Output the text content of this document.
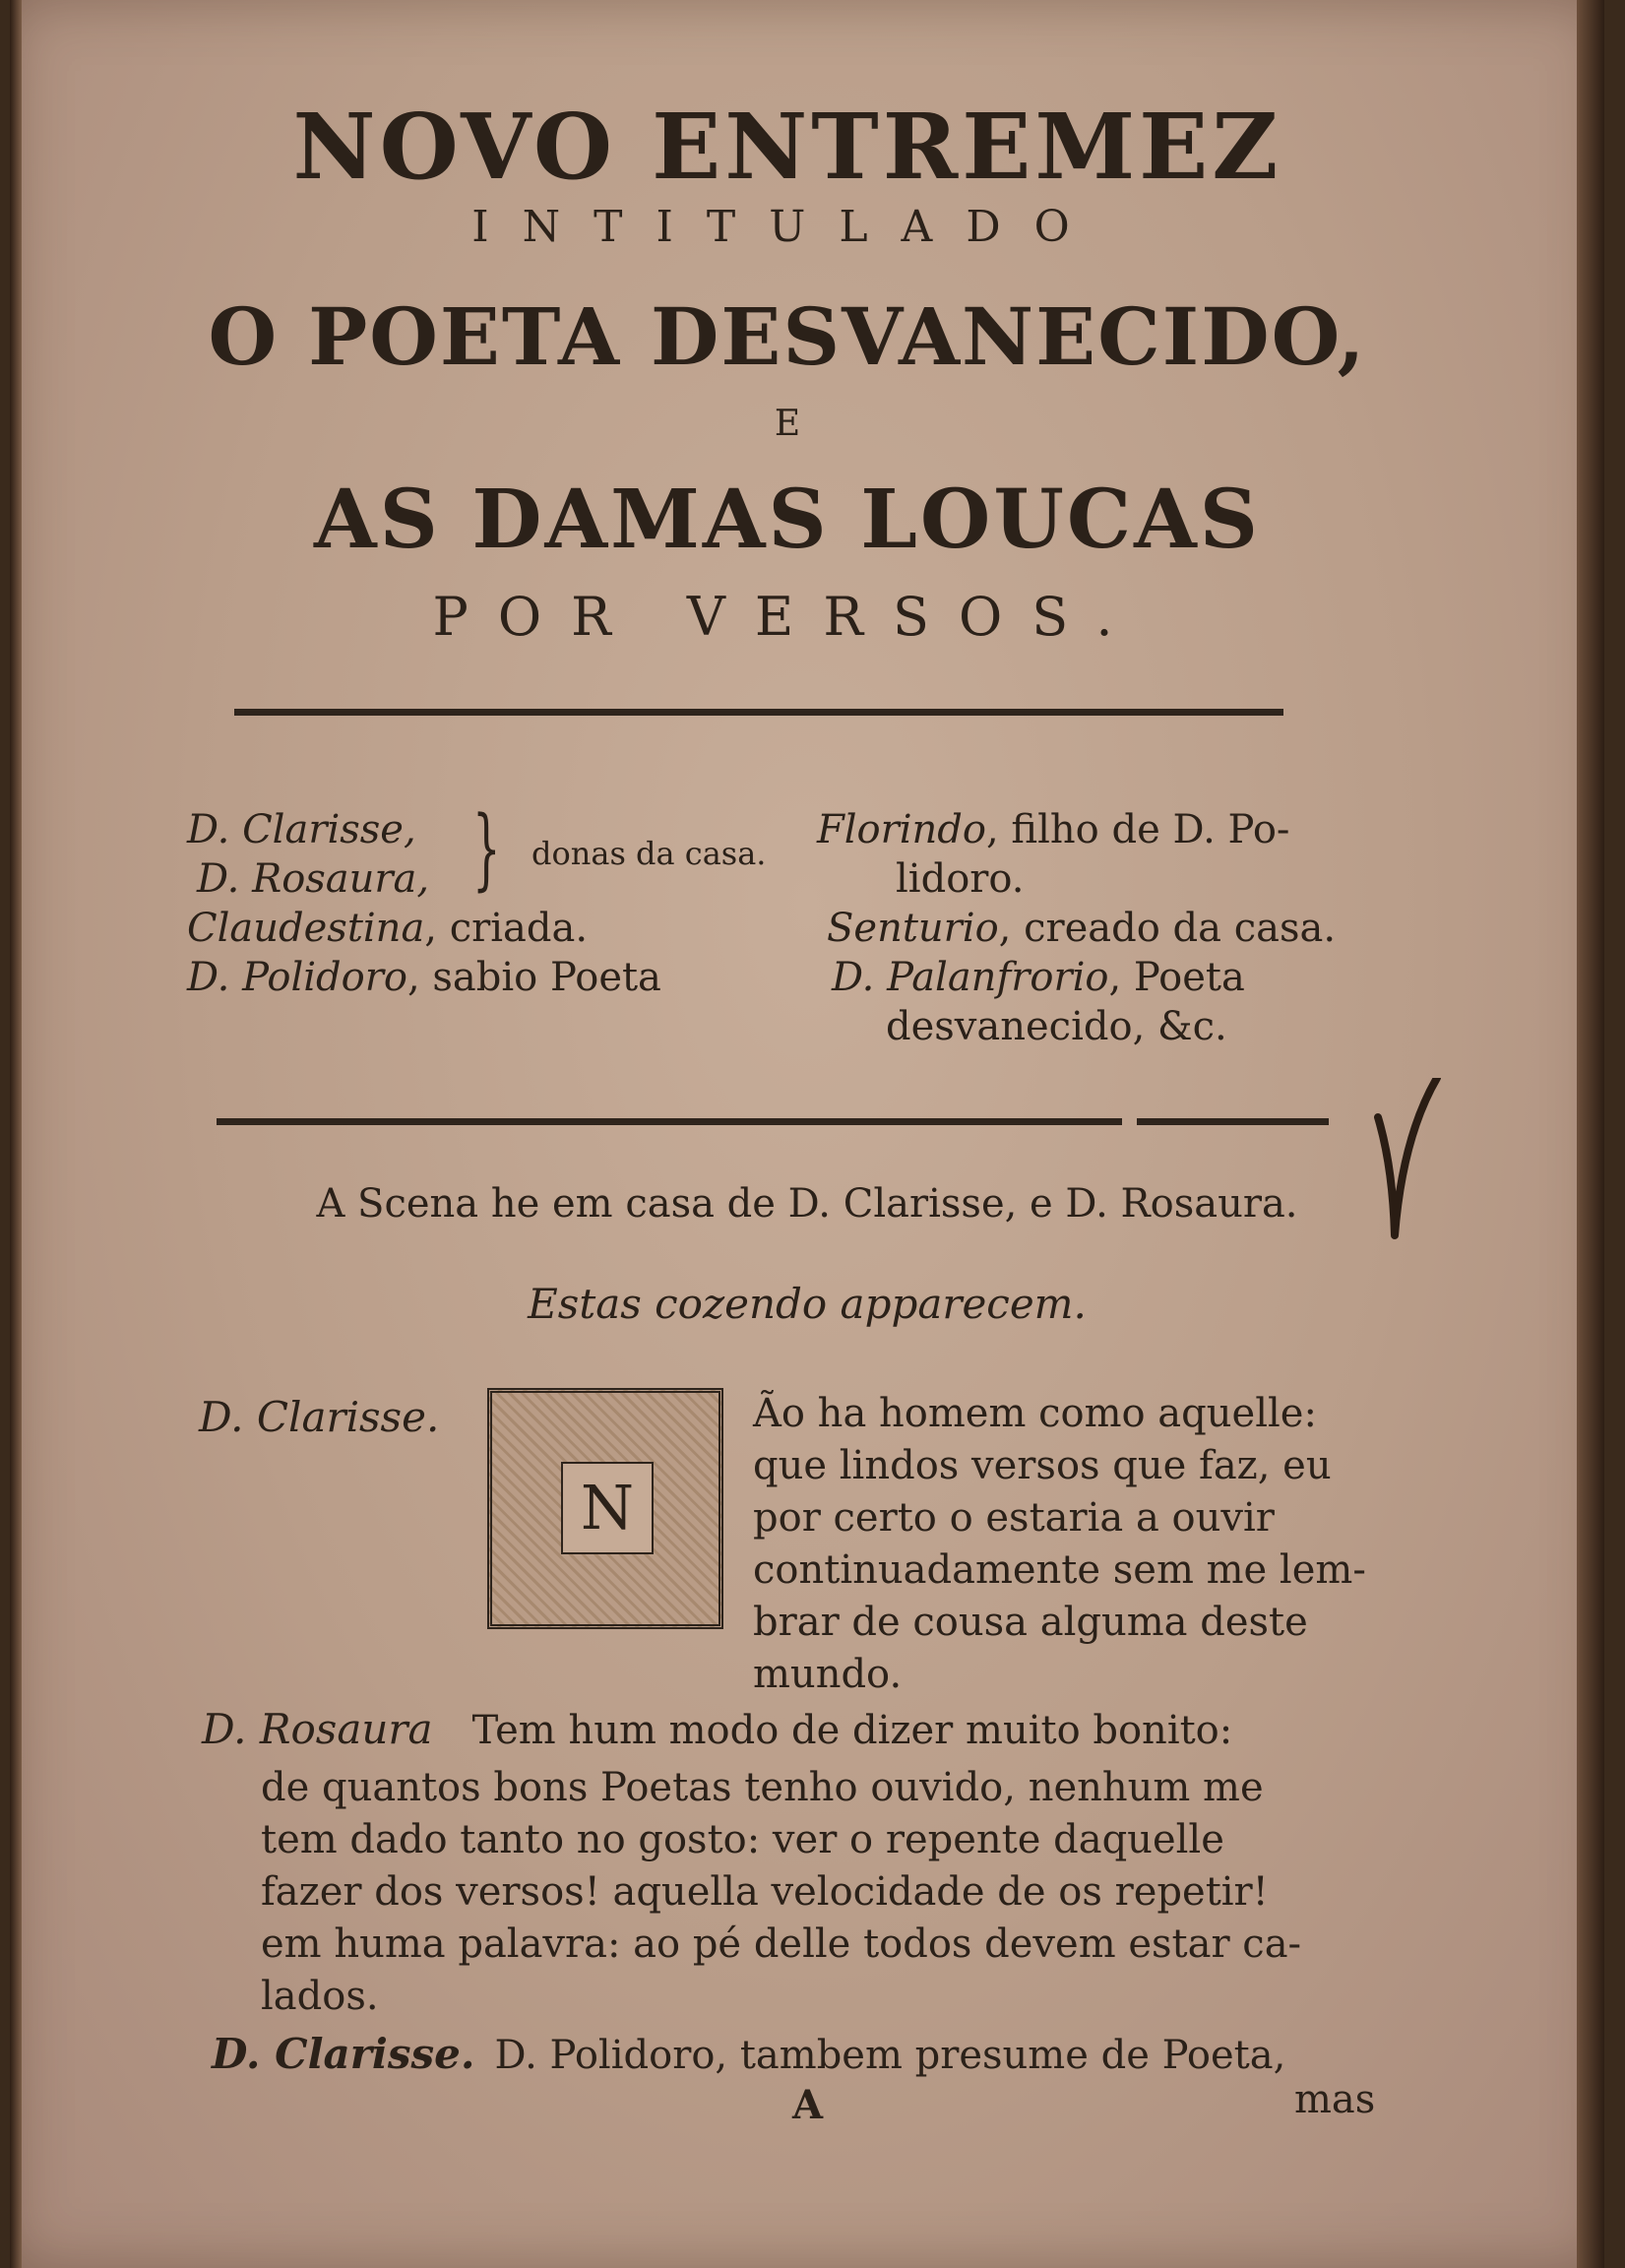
NOVO ENTREMEZ
INTITULADO
O POETA DESVANECIDO,
E
AS DAMAS LOUCAS
POR VERSOS.
D. Clarisse,
D. Rosaura, } donas da casa.
Claudestina, criada.
D. Polidoro, sabio Poeta
Florindo, filho de D. Po-
lidoro.
Senturio, creado da casa.
D. Palanfrorio, Poeta
desvanecido, &c.
A Scena he em casa de D. Clarisse, e D. Rosaura.
Estas cozendo apparecem.
D. Clarisse.
N
Ão ha homem como aquelle:
que lindos versos que faz, eu
por certo o estaria a ouvir
continuadamente sem me lem-
brar de cousa alguma deste
mundo.
D. Rosaura Tem hum modo de dizer muito bonito:
de quantos bons Poetas tenho ouvido, nenhum me
tem dado tanto no gosto: ver o repente daquelle
fazer dos versos! aquella velocidade de os repetir!
em huma palavra: ao pé delle todos devem estar ca-
lados.
D. Clarisse. D. Polidoro, tambem presume de Poeta,
A	mas
